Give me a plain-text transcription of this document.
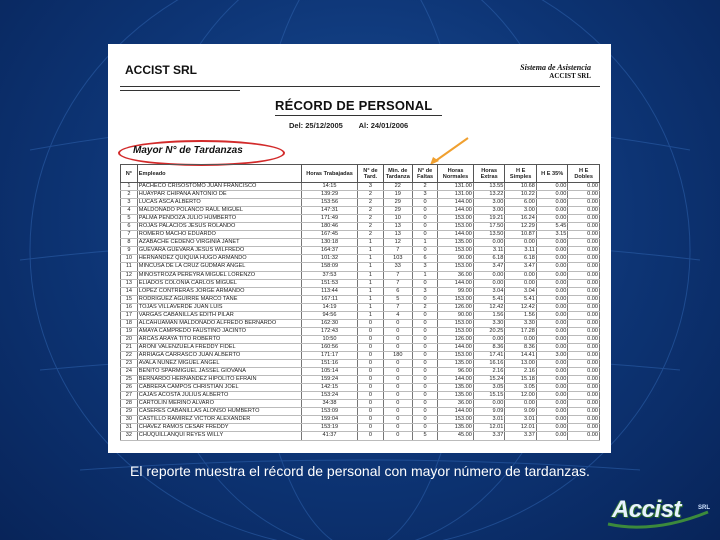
ACCIST SRL	Sistema de Asistencia
ACCIST SRL
RÉCORD DE PERSONAL
Del: 25/12/2005 Al: 24/01/2006
Mayor N° de Tardanzas
N°	Empleado	Horas Trabajadas	N° de Tard.	Min. de Tardanza	N° de Faltas	Horas Normales	Horas Extras	H E Simples	H E 35%	H E Dobles
1	PACHECO CRISOSTOMO JUAN FRANCISCO	14:15	3	22	2	131.00	13.55	10.68	0.00	0.00
2	HUAYPAR CHIPANA ANTONIO DE	139:29	2	19	3	131.00	13.22	10.22	0.00	0.00
3	LUCAS ASCA ALBERTO	153:56	2	29	0	144.00	3.00	6.00	0.00	0.00
4	MALDONADO POLANCO RAUL MIGUEL	147:31	2	29	0	144.00	3.00	3.00	0.00	0.00
5	PALMA PENDOZA JULIO HUMBERTO	171:49	2	10	0	153.00	19.21	16.24	0.00	0.00
6	ROJAS PALACIOS JESUS ROLANDO	180:46	2	13	0	153.00	17.50	12.29	5.45	0.00
7	ROMERO MACHO EDUARDO	167:45	2	13	0	144.00	13.50	10.87	3.15	0.00
8	AZABACHE CEDEÑO VIRGINIA JANET	130:18	1	12	1	135.00	0.00	0.00	0.00	0.00
9	GUEVARA GUEVARA JESUS WILFREDO	164:37	1	7	0	153.00	3.11	3.11	0.00	0.00
10	HERNANDEZ QUIQUIA HUGO ARMANDO	101:32	1	103	6	90.00	6.18	6.18	0.00	0.00
11	MINCUSA DE LA CRUZ GUDMAR ANGEL	158:09	1	33	3	153.00	3.47	3.47	0.00	0.00
12	MINOSTROZA PEREYRA MIGUEL LORENZO	37:53	1	7	1	36.00	0.00	0.00	0.00	0.00
13	ELIADOS COLONIA CARLOS MIGUEL	151:53	1	7	0	144.00	0.00	0.00	0.00	0.00
14	LOPEZ CONTRERAS JORGE ARMANDO	113:44	1	6	3	99.00	3.04	3.04	0.00	0.00
15	RODRIGUEZ AGUIRRE MARCO TANE	167:11	1	5	0	153.00	5.41	5.41	0.00	0.00
16	TOJAS VILLAVERDE JUAN LUIS	14:19	1	7	2	126.00	12.42	12.42	0.00	0.00
17	VARGAS CABANILLAS EDITH PILAR	94:56	1	4	0	90.00	1.56	1.56	0.00	0.00
18	ALCAHUAMAN MALDONADO ALFREDO BERNARDO	162:30	0	0	0	153.00	3.30	3.30	0.00	0.00
19	AMAYA CAMPREDO FAUSTINO JACINTO	172:43	0	0	0	153.00	20.25	17.28	0.00	0.00
20	ARCAS ARAYA TITO ROBERTO	10:50	0	0	0	126.00	0.00	0.00	0.00	0.00
21	ARONI VALENZUELA FREDDY FIDEL	160:56	0	0	0	144.00	8.36	8.36	0.00	0.00
22	ARRIAGA CARRASCO JUAN ALBERTO	171:17	0	180	0	153.00	17.41	14.41	3.00	0.00
23	AVALA NUÑEZ MIGUEL ANGEL	151:16	0	0	0	135.00	16.16	13.00	0.00	0.00
24	BENITO SPARMIGUEL JASSEL GIOVANA	105:14	0	0	0	96.00	2.16	2.16	0.00	0.00
25	BERNARDO HERNANDEZ HIPOLITO EFRAIN	159:24	0	0	0	144.00	15.24	15.18	0.00	0.00
26	CABRERA CAMPOS CHRISTIAN JOEL	142:15	0	0	0	135.00	3.05	3.05	0.00	0.00
27	CAJAS ACOSTA JULIUS ALBERTO	153:24	0	0	0	135.00	15.15	12.00	0.00	0.00
28	CARTOLIN MERINO ALVARO	34:38	0	0	0	36.00	0.00	0.00	0.00	0.00
29	CASERES CABANILLAS ALONSO HUMBERTO	153:09	0	0	0	144.00	9.09	9.09	0.00	0.00
30	CASTILLO RAMIREZ VICTOR ALEXANDER	159:04	0	0	0	153.00	3.01	3.01	0.00	0.00
31	CHAVEZ RAMOS CESAR FREDDY	153:19	0	0	0	135.00	12.01	12.01	0.00	0.00
32	CHUQUILLANQUI REYES WILLY	41:37	0	0	5	45.00	3.37	3.37	0.00	0.00
El reporte muestra el récord de personal con mayor número de tardanzas.
Accist	SRL
